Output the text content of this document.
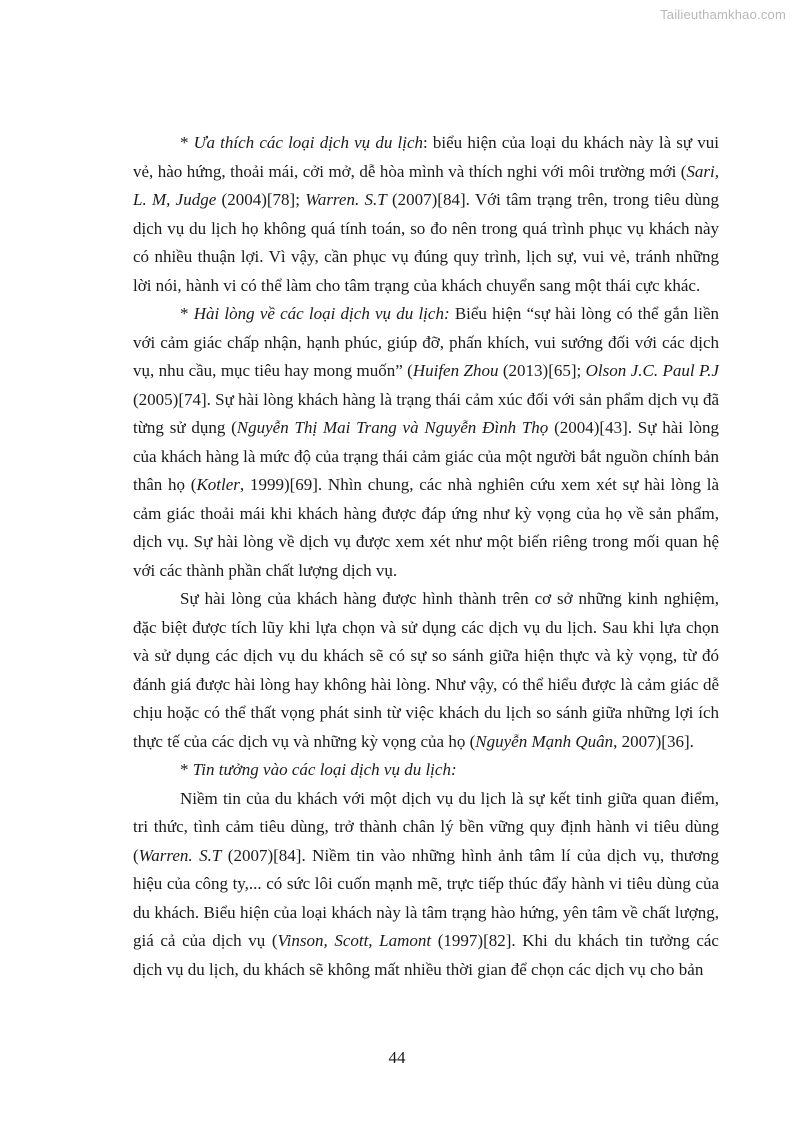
Tailieuthamkhao.com

* Ưa thích các loại dịch vụ du lịch: biểu hiện của loại du khách này là sự vui vẻ, hào hứng, thoải mái, cởi mở, dễ hòa mình và thích nghi với môi trường mới (Sari, L. M, Judge (2004)[78]; Warren. S.T (2007)[84]. Với tâm trạng trên, trong tiêu dùng dịch vụ du lịch họ không quá tính toán, so đo nên trong quá trình phục vụ khách này có nhiều thuận lợi. Vì vậy, cần phục vụ đúng quy trình, lịch sự, vui vẻ, tránh những lời nói, hành vi có thể làm cho tâm trạng của khách chuyển sang một thái cực khác.

* Hài lòng về các loại dịch vụ du lịch: Biểu hiện “sự hài lòng có thể gắn liền với cảm giác chấp nhận, hạnh phúc, giúp đỡ, phấn khích, vui sướng đối với các dịch vụ, nhu cầu, mục tiêu hay mong muốn” (Huifen Zhou (2013)[65]; Olson J.C. Paul P.J (2005)[74]. Sự hài lòng khách hàng là trạng thái cảm xúc đối với sản phẩm dịch vụ đã từng sử dụng (Nguyễn Thị Mai Trang và Nguyễn Đình Thọ (2004)[43]. Sự hài lòng của khách hàng là mức độ của trạng thái cảm giác của một người bắt nguồn chính bản thân họ (Kotler, 1999)[69]. Nhìn chung, các nhà nghiên cứu xem xét sự hài lòng là cảm giác thoải mái khi khách hàng được đáp ứng như kỳ vọng của họ về sản phẩm, dịch vụ. Sự hài lòng về dịch vụ được xem xét như một biến riêng trong mối quan hệ với các thành phần chất lượng dịch vụ.

Sự hài lòng của khách hàng được hình thành trên cơ sở những kinh nghiệm, đặc biệt được tích lũy khi lựa chọn và sử dụng các dịch vụ du lịch. Sau khi lựa chọn và sử dụng các dịch vụ du khách sẽ có sự so sánh giữa hiện thực và kỳ vọng, từ đó đánh giá được hài lòng hay không hài lòng. Như vậy, có thể hiểu được là cảm giác dễ chịu hoặc có thể thất vọng phát sinh từ việc khách du lịch so sánh giữa những lợi ích thực tế của các dịch vụ và những kỳ vọng của họ (Nguyễn Mạnh Quân, 2007)[36].

* Tin tưởng vào các loại dịch vụ du lịch:

Niềm tin của du khách với một dịch vụ du lịch là sự kết tinh giữa quan điểm, tri thức, tình cảm tiêu dùng, trở thành chân lý bền vững quy định hành vi tiêu dùng (Warren. S.T (2007)[84]. Niềm tin vào những hình ảnh tâm lí của dịch vụ, thương hiệu của công ty,... có sức lôi cuốn mạnh mẽ, trực tiếp thúc đẩy hành vi tiêu dùng của du khách. Biểu hiện của loại khách này là tâm trạng hào hứng, yên tâm về chất lượng, giá cả của dịch vụ (Vinson, Scott, Lamont (1997)[82]. Khi du khách tin tưởng các dịch vụ du lịch, du khách sẽ không mất nhiều thời gian để chọn các dịch vụ cho bản

44
